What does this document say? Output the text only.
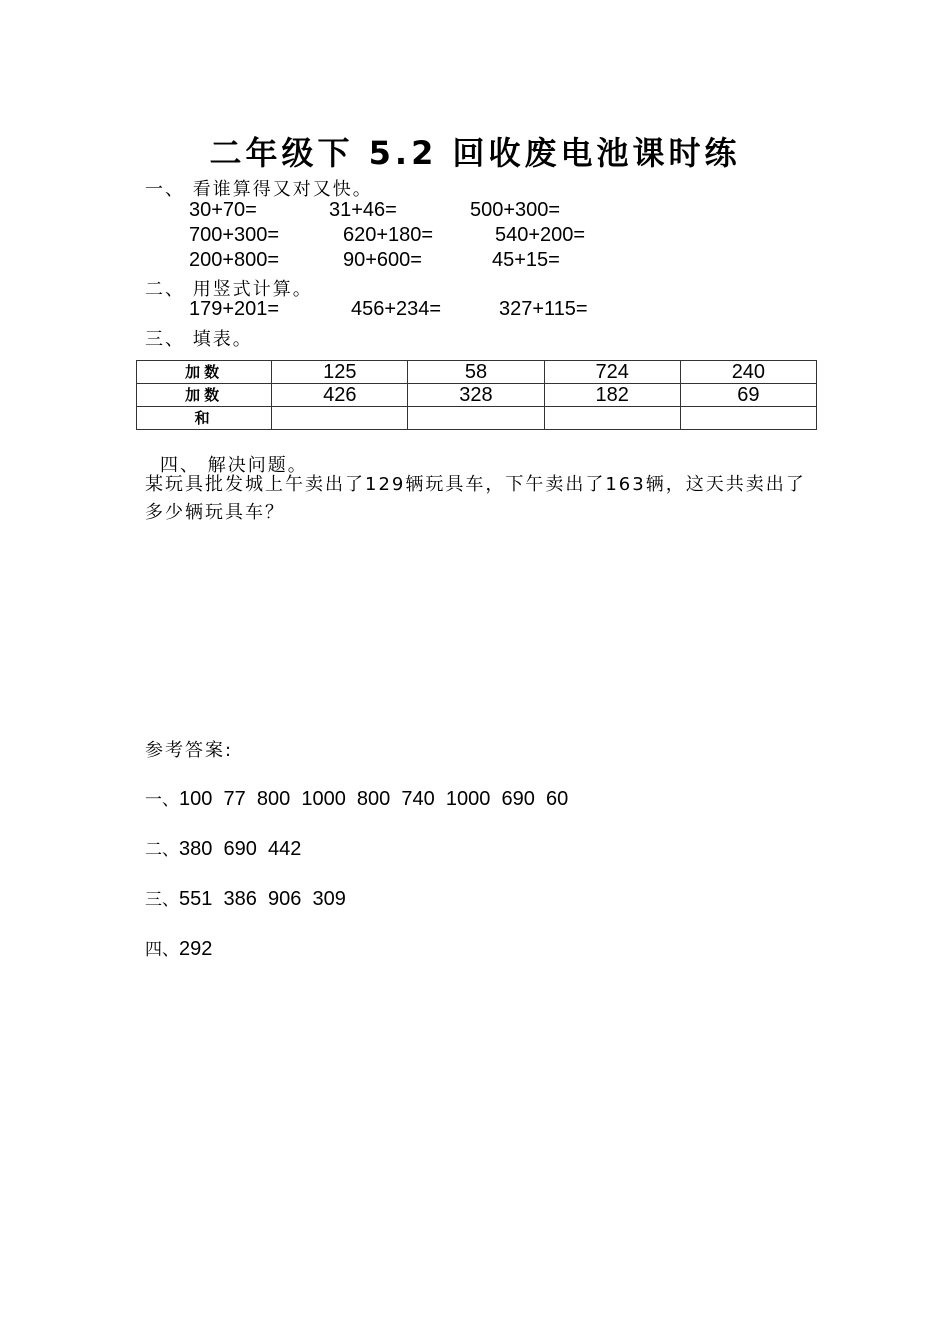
二年级下 5.2 回收废电池课时练
一、 看谁算得又对又快。
30+70=	31+46=	500+300=
700+300=	620+180=	540+200=
200+800=	90+600=	45+15=
二、 用竖式计算。
179+201=	456+234=	327+115=
三、 填表。
加数	125	58	724	240
加数	426	328	182	69
和				
四、 解决问题。
某玩具批发城上午卖出了129辆玩具车，下午卖出了163辆，这天共卖出了多少辆玩具车？
参考答案:
一、100  77  800  1000  800  740  1000  690  60
二、380  690  442
三、551  386  906  309
四、292
